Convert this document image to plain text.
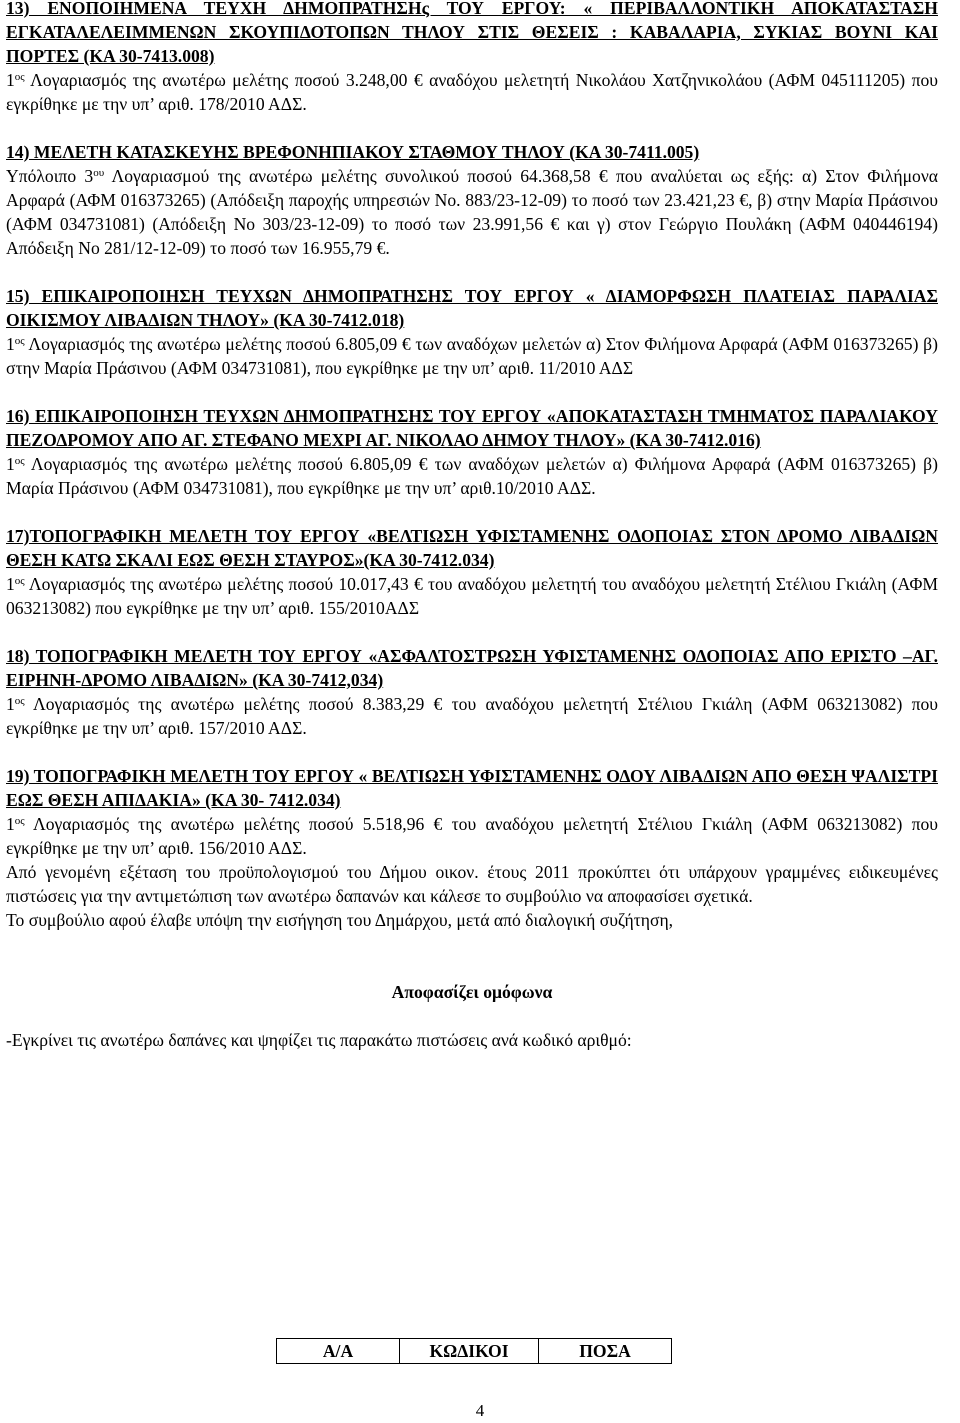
13) ΕΝΟΠΟΙΗΜΕΝΑ ΤΕΥΧΗ ΔΗΜΟΠΡΑΤΗΣΗς ΤΟΥ ΕΡΓΟΥ: « ΠΕΡΙΒΑΛΛΟΝΤΙΚΗ ΑΠΟΚΑΤΑΣΤΑΣΗ ΕΓΚΑΤΑΛΕΛΕΙΜΜΕΝΩΝ ΣΚΟΥΠΙΔΟΤΟΠΩΝ ΤΗΛΟΥ ΣΤΙΣ ΘΕΣΕΙΣ : ΚΑΒΑΛΑΡΙΑ, ΣΥΚΙΑΣ ΒΟΥΝΙ ΚΑΙ ΠΟΡΤΕΣ (ΚΑ 30-7413.008)

$1^{o\varsigma}$ Λογαριασμός της ανωτέρω μελέτης ποσού 3.248,00 € αναδόχου μελετητή Νικολάου Χατζηνικολάου (ΑΦΜ 045111205) που εγκρίθηκε με την υπ’ αριθ. 178/2010 ΑΔΣ.

14) ΜΕΛΕΤΗ ΚΑΤΑΣΚΕΥΗΣ ΒΡΕΦΟΝΗΠΙΑΚΟΥ ΣΤΑΘΜΟΥ ΤΗΛΟΥ (ΚΑ 30-7411.005)

Υπόλοιπο $3^{o\upsilon}$ Λογαριασμού της ανωτέρω μελέτης συνολικού ποσού 64.368,58 € που αναλύεται ως εξής: α) Στον Φιλήμονα Αρφαρά (ΑΦΜ 016373265) (Απόδειξη παροχής υπηρεσιών Νο. 883/23-12-09) το ποσό των 23.421,23 €, β) στην Μαρία Πράσινου (ΑΦΜ 034731081) (Απόδειξη Νο 303/23-12-09) το ποσό των 23.991,56 € και γ) στον Γεώργιο Πουλάκη (ΑΦΜ 040446194) Απόδειξη Νο 281/12-12-09) το ποσό των 16.955,79 €.

15) ΕΠΙΚΑΙΡΟΠΟΙΗΣΗ ΤΕΥΧΩΝ ΔΗΜΟΠΡΑΤΗΣΗΣ ΤΟΥ ΕΡΓΟΥ « ΔΙΑΜΟΡΦΩΣΗ ΠΛΑΤΕΙΑΣ ΠΑΡΑΛΙΑΣ ΟΙΚΙΣΜΟΥ ΛΙΒΑΔΙΩΝ ΤΗΛΟΥ» (ΚΑ 30-7412.018)

$1^{o\varsigma}$ Λογαριασμός της ανωτέρω μελέτης ποσού 6.805,09 € των αναδόχων μελετών α) Στον Φιλήμονα Αρφαρά (ΑΦΜ 016373265) β) στην Μαρία Πράσινου (ΑΦΜ 034731081), που εγκρίθηκε με την υπ’ αριθ. 11/2010 ΑΔΣ

16) ΕΠΙΚΑΙΡΟΠΟΙΗΣΗ ΤΕΥΧΩΝ ΔΗΜΟΠΡΑΤΗΣΗΣ ΤΟΥ ΕΡΓΟΥ «ΑΠΟΚΑΤΑΣΤΑΣΗ ΤΜΗΜΑΤΟΣ ΠΑΡΑΛΙΑΚΟΥ ΠΕΖΟΔΡΟΜΟΥ ΑΠΟ ΑΓ. ΣΤΕΦΑΝΟ ΜΕΧΡΙ ΑΓ. ΝΙΚΟΛΑΟ ΔΗΜΟΥ ΤΗΛΟΥ» (ΚΑ 30-7412.016)

$1^{o\varsigma}$ Λογαριασμός της ανωτέρω μελέτης ποσού 6.805,09 € των αναδόχων μελετών α) Φιλήμονα Αρφαρά (ΑΦΜ 016373265) β) Μαρία Πράσινου (ΑΦΜ 034731081), που εγκρίθηκε με την υπ’ αριθ.10/2010 ΑΔΣ.

17)ΤΟΠΟΓΡΑΦΙΚΗ ΜΕΛΕΤΗ ΤΟΥ ΕΡΓΟΥ «ΒΕΛΤΙΩΣΗ ΥΦΙΣΤΑΜΕΝΗΣ ΟΔΟΠΟΙΑΣ ΣΤΟΝ ΔΡΟΜΟ ΛΙΒΑΔΙΩΝ ΘΕΣΗ ΚΑΤΩ ΣΚΑΛΙ ΕΩΣ ΘΕΣΗ ΣΤΑΥΡΟΣ»(ΚΑ 30-7412.034)

$1^{o\varsigma}$ Λογαριασμός της ανωτέρω μελέτης ποσού 10.017,43 € του αναδόχου μελετητή του αναδόχου μελετητή Στέλιου Γκιάλη (ΑΦΜ 063213082) που εγκρίθηκε με την υπ’ αριθ. 155/2010ΑΔΣ

18) ΤΟΠΟΓΡΑΦΙΚΗ ΜΕΛΕΤΗ ΤΟΥ ΕΡΓΟΥ «ΑΣΦΑΛΤΟΣΤΡΩΣΗ ΥΦΙΣΤΑΜΕΝΗΣ ΟΔΟΠΟΙΑΣ ΑΠΟ ΕΡΙΣΤΟ –ΑΓ. ΕΙΡΗΝΗ-ΔΡΟΜΟ ΛΙΒΑΔΙΩΝ» (ΚΑ 30-7412,034)

$1^{o\varsigma}$ Λογαριασμός της ανωτέρω μελέτης ποσού 8.383,29 € του αναδόχου μελετητή Στέλιου Γκιάλη (ΑΦΜ 063213082) που εγκρίθηκε με την υπ’ αριθ. 157/2010 ΑΔΣ.

19) ΤΟΠΟΓΡΑΦΙΚΗ ΜΕΛΕΤΗ ΤΟΥ ΕΡΓΟΥ « ΒΕΛΤΙΩΣΗ ΥΦΙΣΤΑΜΕΝΗΣ ΟΔΟΥ ΛΙΒΑΔΙΩΝ ΑΠΟ ΘΕΣΗ ΨΑΛΙΣΤΡΙ ΕΩΣ ΘΕΣΗ ΑΠΙΔΑΚΙΑ» (ΚΑ 30- 7412.034)

$1^{o\varsigma}$ Λογαριασμός της ανωτέρω μελέτης ποσού 5.518,96 € του αναδόχου μελετητή Στέλιου Γκιάλη (ΑΦΜ 063213082) που εγκρίθηκε με την υπ’ αριθ. 156/2010 ΑΔΣ.

Από γενομένη εξέταση του προϋπολογισμού του Δήμου οικον. έτους 2011 προκύπτει ότι υπάρχουν γραμμένες ειδικευμένες πιστώσεις για την αντιμετώπιση των ανωτέρω δαπανών και κάλεσε το συμβούλιο να αποφασίσει σχετικά.

Το συμβούλιο αφού έλαβε υπόψη την εισήγηση του Δημάρχου, μετά από διαλογική συζήτηση,

Αποφασίζει ομόφωνα

-Εγκρίνει τις ανωτέρω δαπάνες και ψηφίζει τις παρακάτω πιστώσεις ανά κωδικό αριθμό:

Α/Α	ΚΩΔΙΚΟΙ	ΠΟΣΑ
4
